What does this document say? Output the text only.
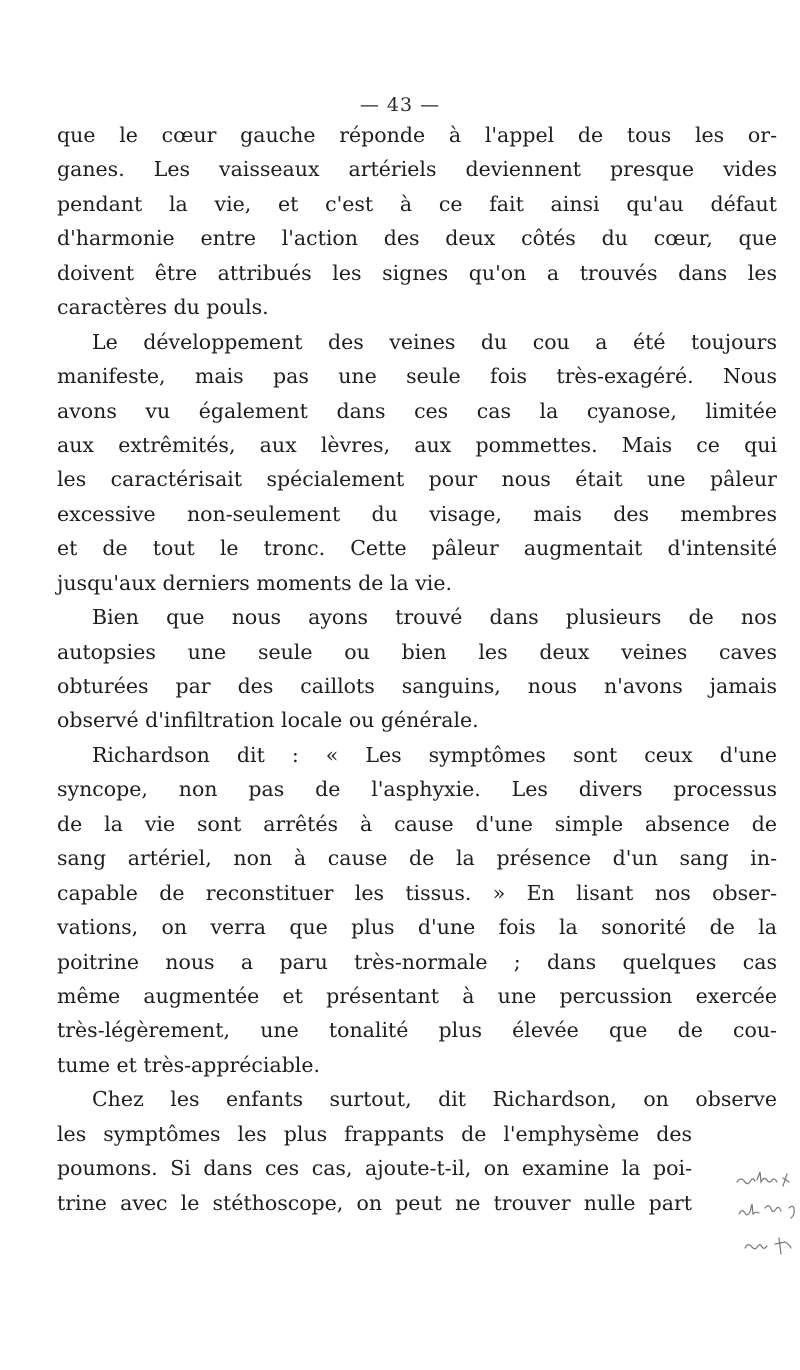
— 43 —
que le cœur gauche réponde à l'appel de tous les or-
ganes. Les vaisseaux artériels deviennent presque vides
pendant la vie, et c'est à ce fait ainsi qu'au défaut
d'harmonie entre l'action des deux côtés du cœur, que
doivent être attribués les signes qu'on a trouvés dans les
caractères du pouls.
Le développement des veines du cou a été toujours
manifeste, mais pas une seule fois très-exagéré. Nous
avons vu également dans ces cas la cyanose, limitée
aux extrêmités, aux lèvres, aux pommettes. Mais ce qui
les caractérisait spécialement pour nous était une pâleur
excessive non-seulement du visage, mais des membres
et de tout le tronc. Cette pâleur augmentait d'intensité
jusqu'aux derniers moments de la vie.
Bien que nous ayons trouvé dans plusieurs de nos
autopsies une seule ou bien les deux veines caves
obturées par des caillots sanguins, nous n'avons jamais
observé d'infiltration locale ou générale.
Richardson dit : « Les symptômes sont ceux d'une
syncope, non pas de l'asphyxie. Les divers processus
de la vie sont arrêtés à cause d'une simple absence de
sang artériel, non à cause de la présence d'un sang in-
capable de reconstituer les tissus. » En lisant nos obser-
vations, on verra que plus d'une fois la sonorité de la
poitrine nous a paru très-normale ; dans quelques cas
même augmentée et présentant à une percussion exercée
très-légèrement, une tonalité plus élevée que de cou-
tume et très-appréciable.
Chez les enfants surtout, dit Richardson, on observe
les symptômes les plus frappants de l'emphysème des
poumons. Si dans ces cas, ajoute-t-il, on examine la poi-
trine avec le stéthoscope, on peut ne trouver nulle part
